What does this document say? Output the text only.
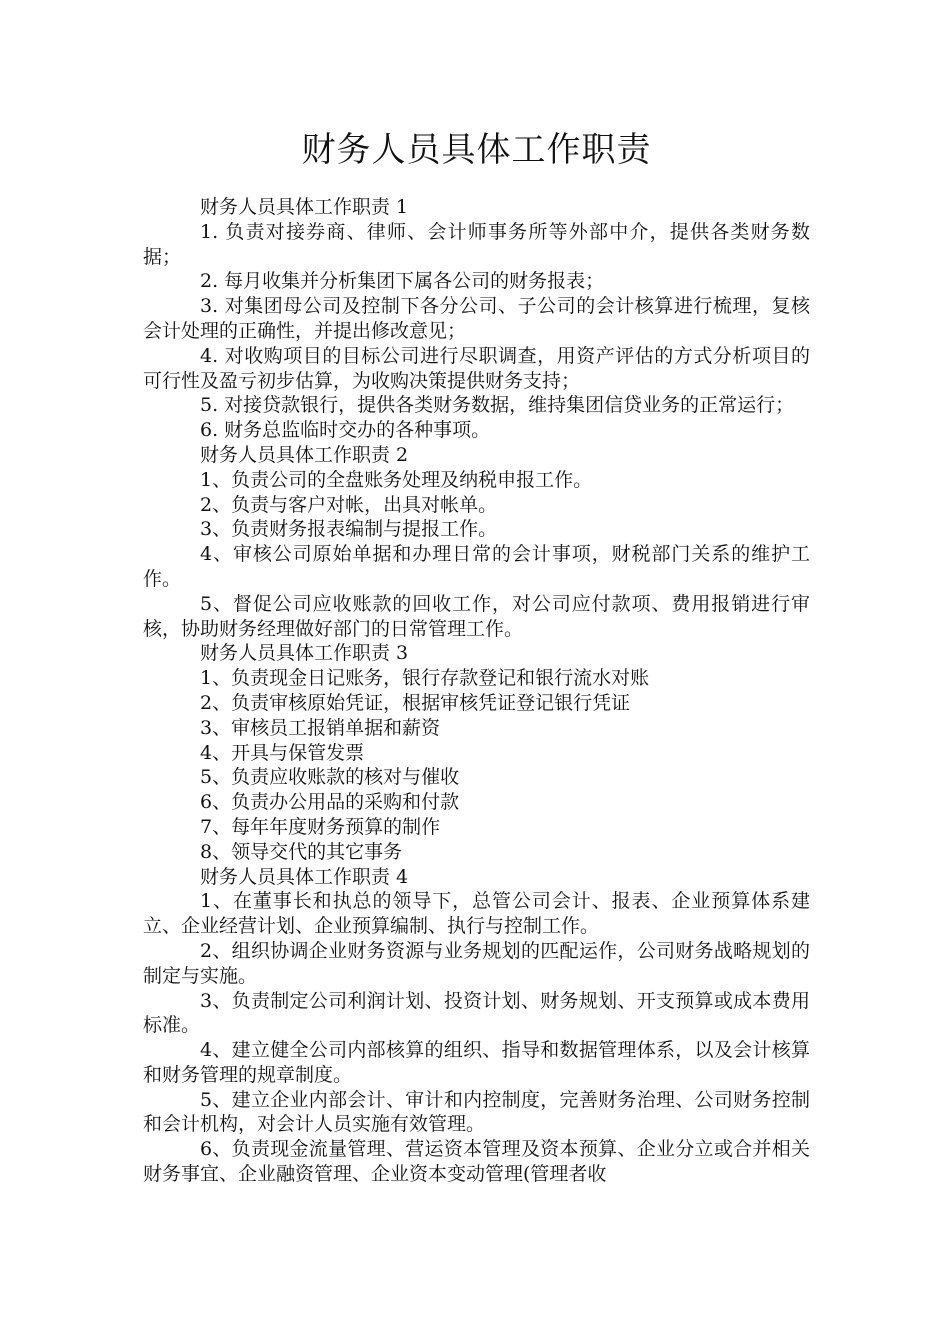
财务人员具体工作职责

财务人员具体工作职责 1

1. 负责对接券商、律师、会计师事务所等外部中介，提供各类财务数据；

2. 每月收集并分析集团下属各公司的财务报表；

3. 对集团母公司及控制下各分公司、子公司的会计核算进行梳理，复核会计处理的正确性，并提出修改意见；

4. 对收购项目的目标公司进行尽职调查，用资产评估的方式分析项目的可行性及盈亏初步估算，为收购决策提供财务支持；

5. 对接贷款银行，提供各类财务数据，维持集团信贷业务的正常运行；

6. 财务总监临时交办的各种事项。

财务人员具体工作职责 2

1、负责公司的全盘账务处理及纳税申报工作。

2、负责与客户对帐，出具对帐单。

3、负责财务报表编制与提报工作。

4、审核公司原始单据和办理日常的会计事项，财税部门关系的维护工作。

5、督促公司应收账款的回收工作，对公司应付款项、费用报销进行审核，协助财务经理做好部门的日常管理工作。

财务人员具体工作职责 3

1、负责现金日记账务，银行存款登记和银行流水对账

2、负责审核原始凭证，根据审核凭证登记银行凭证

3、审核员工报销单据和薪资

4、开具与保管发票

5、负责应收账款的核对与催收

6、负责办公用品的采购和付款

7、每年年度财务预算的制作

8、领导交代的其它事务

财务人员具体工作职责 4

1、在董事长和执总的领导下，总管公司会计、报表、企业预算体系建立、企业经营计划、企业预算编制、执行与控制工作。

2、组织协调企业财务资源与业务规划的匹配运作，公司财务战略规划的制定与实施。

3、负责制定公司利润计划、投资计划、财务规划、开支预算或成本费用标准。

4、建立健全公司内部核算的组织、指导和数据管理体系，以及会计核算和财务管理的规章制度。

5、建立企业内部会计、审计和内控制度，完善财务治理、公司财务控制和会计机构，对会计人员实施有效管理。

6、负责现金流量管理、营运资本管理及资本预算、企业分立或合并相关财务事宜、企业融资管理、企业资本变动管理(管理者收
